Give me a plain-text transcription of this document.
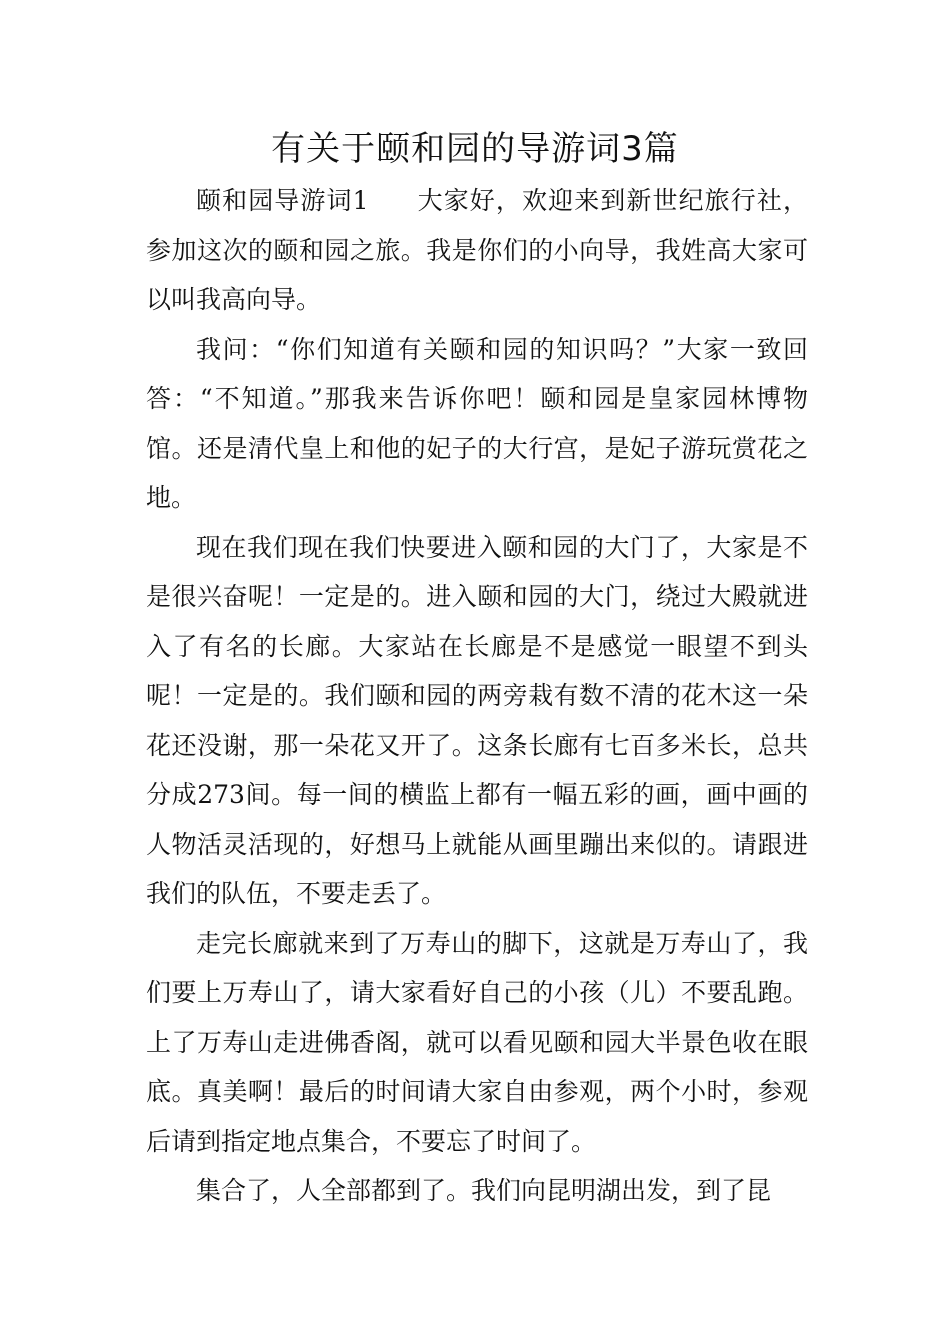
有关于颐和园的导游词3篇

颐和园导游词1 大家好，欢迎来到新世纪旅行社，参加这次的颐和园之旅。我是你们的小向导，我姓高大家可以叫我高向导。

我问：“你们知道有关颐和园的知识吗？”大家一致回答：“不知道。”那我来告诉你吧！颐和园是皇家园林博物馆。还是清代皇上和他的妃子的大行宫，是妃子游玩赏花之地。

现在我们现在我们快要进入颐和园的大门了，大家是不是很兴奋呢！一定是的。进入颐和园的大门，绕过大殿就进入了有名的长廊。大家站在长廊是不是感觉一眼望不到头呢！一定是的。我们颐和园的两旁栽有数不清的花木这一朵花还没谢，那一朵花又开了。这条长廊有七百多米长，总共分成273间。每一间的横监上都有一幅五彩的画，画中画的人物活灵活现的，好想马上就能从画里蹦出来似的。请跟进我们的队伍，不要走丢了。

走完长廊就来到了万寿山的脚下，这就是万寿山了，我们要上万寿山了，请大家看好自己的小孩（儿）不要乱跑。上了万寿山走进佛香阁，就可以看见颐和园大半景色收在眼底。真美啊！最后的时间请大家自由参观，两个小时，参观后请到指定地点集合，不要忘了时间了。

集合了，人全部都到了。我们向昆明湖出发，到了昆
